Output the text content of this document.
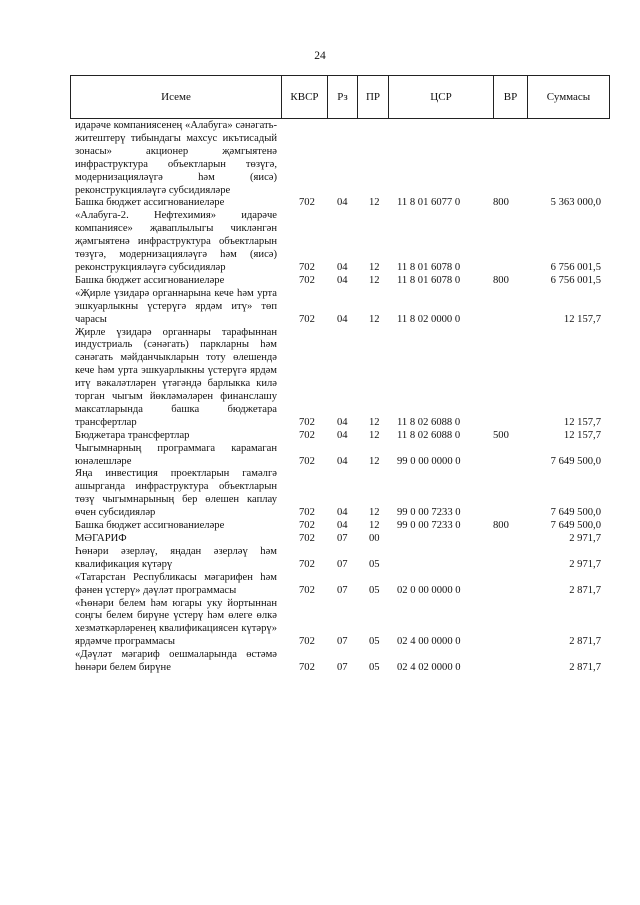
24
Исеме	КВСР	Рз	ПР	ЦСР	ВР	Суммасы
идарәче компаниясенең «Алабуга» сәнәгать-житештерү тибындагы махсус икътисадый зонасы» акционер җәмгыятенә инфраструктура объектларын төзүгә, модернизацияләүгә һәм (яисә) реконструкцияләүгә субсидияләре
Башка бюджет ассигнованиеләре	702	04	12	11 8 01 6077 0	800	5 363 000,0
«Алабуга-2. Нефтехимия» идарәче компаниясе» җаваплылыгы чикләнгән җәмгыятенә инфраструктура объектларын төзүгә, модернизацияләүгә һәм (яисә) реконструкцияләүгә субсидияләр	702	04	12	11 8 01 6078 0	6 756 001,5
Башка бюджет ассигнованиеләре	702	04	12	11 8 01 6078 0	800	6 756 001,5
«Җирле үзидарә органнарына кече һәм урта эшкуарлыкны үстерүгә ярдәм итү» төп чарасы	702	04	12	11 8 02 0000 0	12 157,7
Җирле үзидарә органнары тарафыннан индустриаль (сәнәгать) паркларны һәм сәнәгать мәйданчыкларын тоту өлешендә кече һәм урта эшкуарлыкны үстерүгә ярдәм итү вәкаләтләрен үтәгәндә барлыкка килә торган чыгым йөкләмәләрен финанслашу максатларында башка бюджетара трансфертлар	702	04	12	11 8 02 6088 0	12 157,7
Бюджетара трансфертлар	702	04	12	11 8 02 6088 0	500	12 157,7
Чыгымнарның программага карамаган юнәлешләре	702	04	12	99 0 00 0000 0	7 649 500,0
Яңа инвестиция проектларын гамәлгә ашырганда инфраструктура объектларын төзү чыгымнарының бер өлешен каплау өчен субсидияләр	702	04	12	99 0 00 7233 0	7 649 500,0
Башка бюджет ассигнованиеләре	702	04	12	99 0 00 7233 0	800	7 649 500,0
МӘГАРИФ	702	07	00	2 971,7
Һөнәри әзерләү, яңадан әзерләү һәм квалификация күтәрү	702	07	05	2 971,7
«Татарстан Республикасы мәгарифен һәм фәнен үстерү» дәүләт программасы	702	07	05	02 0 00 0000 0	2 871,7
«Һөнәри белем һәм югары уку йортыннан соңгы белем бирүне үстерү һәм өлеге өлкә хезмәткәрләренең квалификациясен күтәрү» ярдәмче программасы	702	07	05	02 4 00 0000 0	2 871,7
«Дәүләт мәгариф оешмаларында өстәмә һөнәри белем бирүне	702	07	05	02 4 02 0000 0	2 871,7
